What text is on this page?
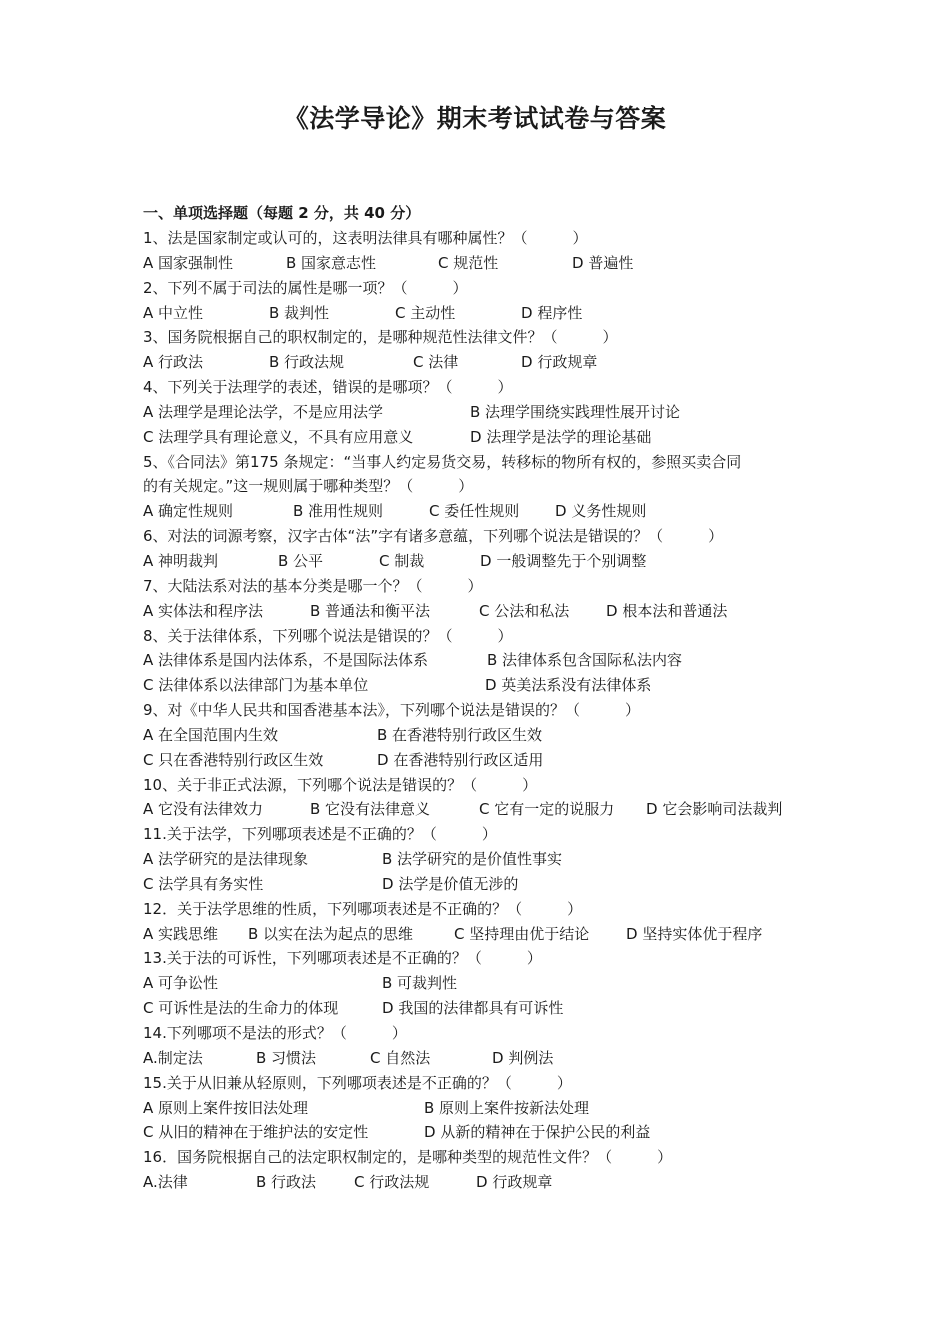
《法学导论》期末考试试卷与答案
一、单项选择题（每题 2 分，共 40 分）
1、法是国家制定或认可的，这表明法律具有哪种属性？（　　　）
A 国家强制性	B 国家意志性	C 规范性	D 普遍性
2、下列不属于司法的属性是哪一项？（　　　）
A 中立性	B 裁判性	C 主动性	D 程序性
3、国务院根据自己的职权制定的，是哪种规范性法律文件？（　　　）
A 行政法	B 行政法规	C 法律	D 行政规章
4、下列关于法理学的表述，错误的是哪项？（　　　）
A 法理学是理论法学，不是应用法学	B 法理学围绕实践理性展开讨论
C 法理学具有理论意义，不具有应用意义	D 法理学是法学的理论基础
5、《合同法》第175 条规定：“当事人约定易货交易，转移标的物所有权的，参照买卖合同
的有关规定。”这一规则属于哪种类型？（　　　）
A 确定性规则	B 准用性规则	C 委任性规则 D 义务性规则
6、对法的词源考察，汉字古体“法”字有诸多意蕴，下列哪个说法是错误的？（　　　）
A 神明裁判	B 公平	C 制裁	D 一般调整先于个别调整
7、大陆法系对法的基本分类是哪一个？（　　　）
A 实体法和程序法	B 普通法和衡平法	C 公法和私法 D 根本法和普通法
8、关于法律体系，下列哪个说法是错误的？（　　　）
A 法律体系是国内法体系，不是国际法体系	B 法律体系包含国际私法内容
C 法律体系以法律部门为基本单位	D 英美法系没有法律体系
9、对《中华人民共和国香港基本法》，下列哪个说法是错误的？（　　　）
A 在全国范围内生效	B 在香港特别行政区生效
C 只在香港特别行政区生效	D 在香港特别行政区适用
10、关于非正式法源，下列哪个说法是错误的？（　　　）
A 它没有法律效力	B 它没有法律意义	C 它有一定的说服力 D 它会影响司法裁判
11.关于法学，下列哪项表述是不正确的？（　　　）
A 法学研究的是法律现象	B 法学研究的是价值性事实
C 法学具有务实性	D 法学是价值无涉的
12．关于法学思维的性质，下列哪项表述是不正确的？（　　　）
A 实践思维 B 以实在法为起点的思维	C 坚持理由优于结论 D 坚持实体优于程序
13.关于法的可诉性，下列哪项表述是不正确的？（　　　）
A 可争讼性	B 可裁判性
C 可诉性是法的生命力的体现	D 我国的法律都具有可诉性
14.下列哪项不是法的形式？（　　　）
A.制定法	B 习惯法	C 自然法	D 判例法
15.关于从旧兼从轻原则，下列哪项表述是不正确的？（　　　）
A 原则上案件按旧法处理	B 原则上案件按新法处理
C 从旧的精神在于维护法的安定性	D 从新的精神在于保护公民的利益
16．国务院根据自己的法定职权制定的，是哪种类型的规范性文件？（　　　）
A.法律	B 行政法	C 行政法规	D 行政规章
